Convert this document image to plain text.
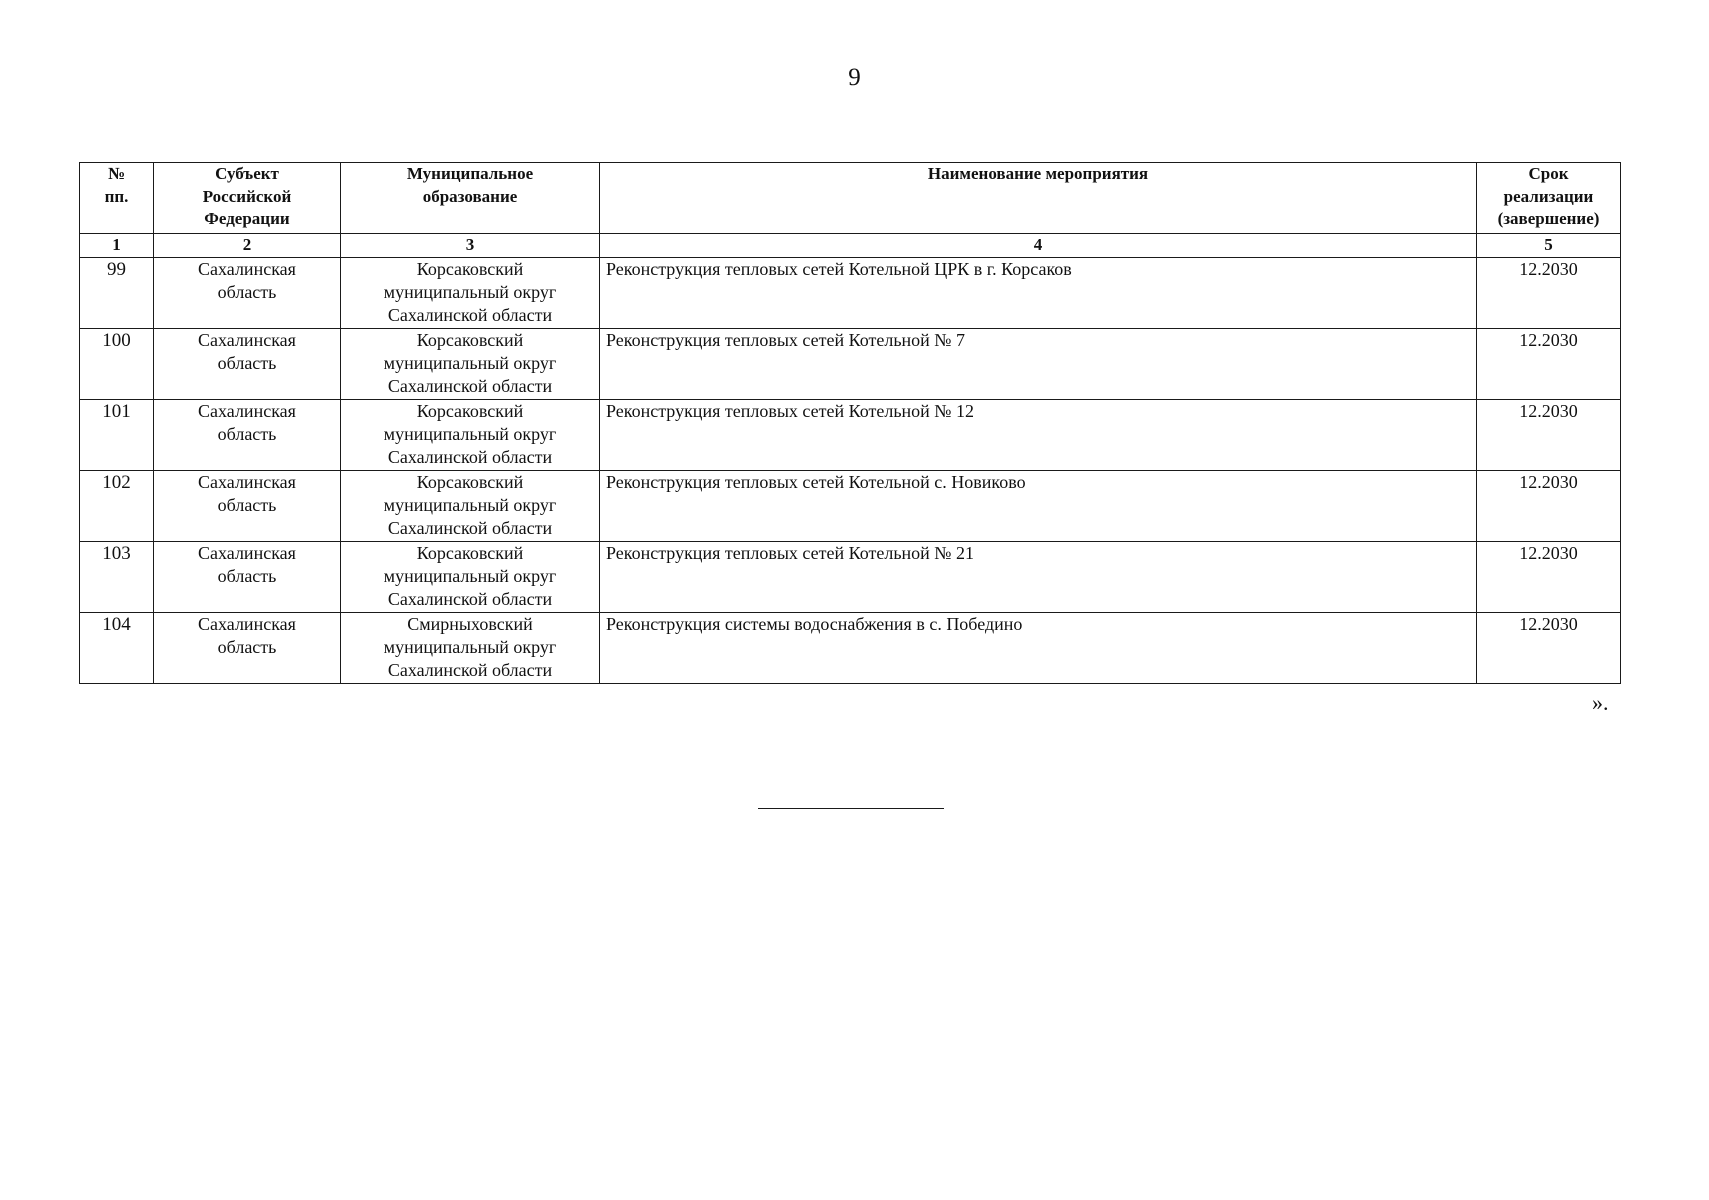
9
№
пп.	Субъект
Российской
Федерации	Муниципальное
образование	Наименование мероприятия	Срок
реализации
(завершение)

1	2	3	4	5
99	Сахалинская
область	Корсаковский
муниципальный округ
Сахалинской области	Реконструкция тепловых сетей Котельной ЦРК в г. Корсаков	12.2030
100	Сахалинская
область	Корсаковский
муниципальный округ
Сахалинской области	Реконструкция тепловых сетей Котельной № 7	12.2030
101	Сахалинская
область	Корсаковский
муниципальный округ
Сахалинской области	Реконструкция тепловых сетей Котельной № 12	12.2030
102	Сахалинская
область	Корсаковский
муниципальный округ
Сахалинской области	Реконструкция тепловых сетей Котельной с. Новиково	12.2030
103	Сахалинская
область	Корсаковский
муниципальный округ
Сахалинской области	Реконструкция тепловых сетей Котельной № 21	12.2030
104	Сахалинская
область	Смирныховский
муниципальный округ
Сахалинской области	Реконструкция системы водоснабжения в с. Победино	12.2030
».
